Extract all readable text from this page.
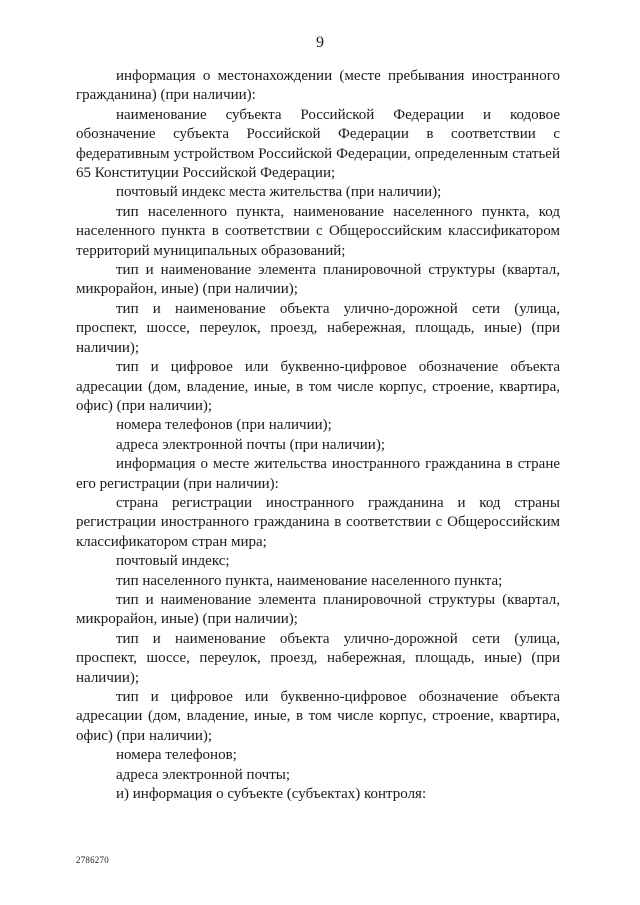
9

информация о местонахождении (месте пребывания иностранного гражданина) (при наличии):

наименование субъекта Российской Федерации и кодовое обозначение субъекта Российской Федерации в соответствии с федеративным устройством Российской Федерации, определенным статьей 65 Конституции Российской Федерации;

почтовый индекс места жительства (при наличии);

тип населенного пункта, наименование населенного пункта, код населенного пункта в соответствии с Общероссийским классификатором территорий муниципальных образований;

тип и наименование элемента планировочной структуры (квартал, микрорайон, иные) (при наличии);

тип и наименование объекта улично-дорожной сети (улица, проспект, шоссе, переулок, проезд, набережная, площадь, иные) (при наличии);

тип и цифровое или буквенно-цифровое обозначение объекта адресации (дом, владение, иные, в том числе корпус, строение, квартира, офис) (при наличии);

номера телефонов (при наличии);

адреса электронной почты (при наличии);

информация о месте жительства иностранного гражданина в стране его регистрации (при наличии):

страна регистрации иностранного гражданина и код страны регистрации иностранного гражданина в соответствии с Общероссийским классификатором стран мира;

почтовый индекс;

тип населенного пункта, наименование населенного пункта;

тип и наименование элемента планировочной структуры (квартал, микрорайон, иные) (при наличии);

тип и наименование объекта улично-дорожной сети (улица, проспект, шоссе, переулок, проезд, набережная, площадь, иные) (при наличии);

тип и цифровое или буквенно-цифровое обозначение объекта адресации (дом, владение, иные, в том числе корпус, строение, квартира, офис) (при наличии);

номера телефонов;

адреса электронной почты;

и) информация о субъекте (субъектах) контроля:

2786270
